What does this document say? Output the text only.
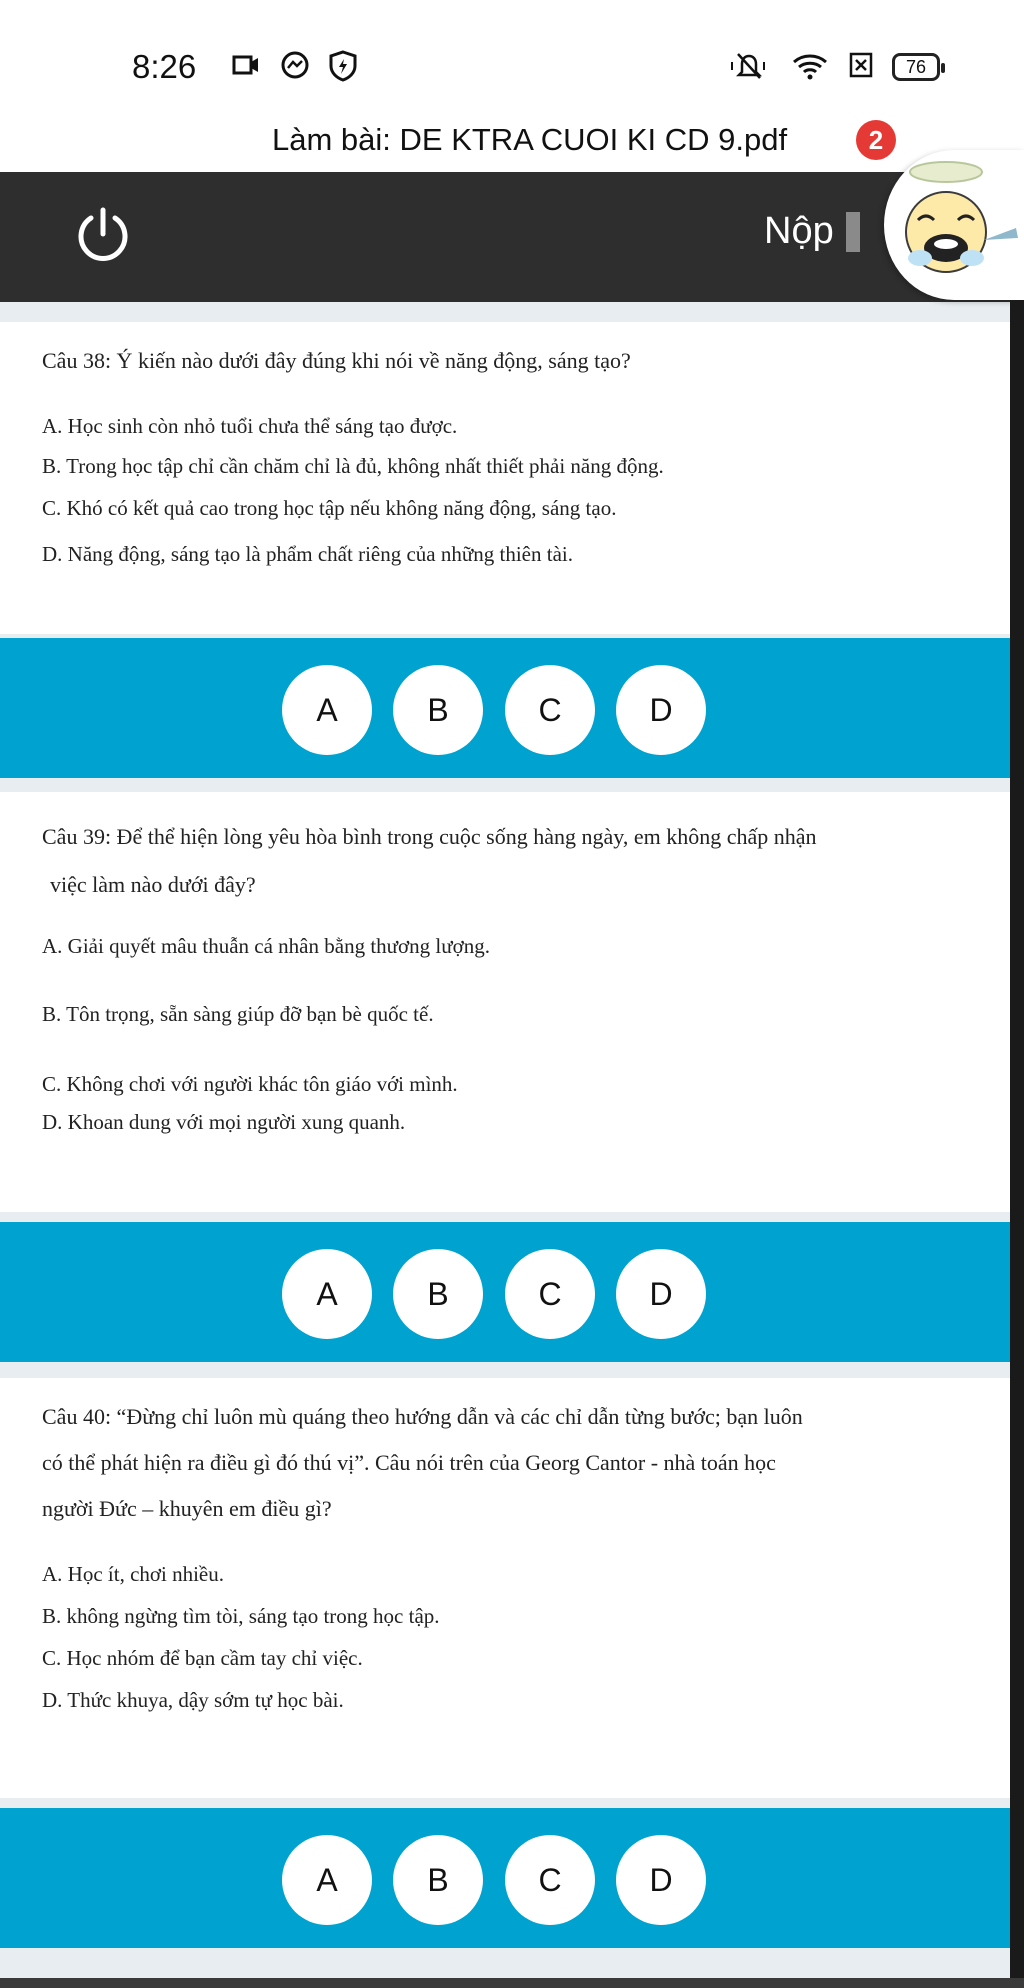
8:26	76
Làm bài: DE KTRA CUOI KI CD 9.pdf	2
Nộp
Câu 38: Ý kiến nào dưới đây đúng khi nói về năng động, sáng tạo?
A. Học sinh còn nhỏ tuổi chưa thể sáng tạo được.
B. Trong học tập chỉ cần chăm chỉ là đủ, không nhất thiết phải năng động.
C. Khó có kết quả cao trong học tập nếu không năng động, sáng tạo.
D. Năng động, sáng tạo là phẩm chất riêng của những thiên tài.
A	B	C	D
Câu 39: Để thể hiện lòng yêu hòa bình trong cuộc sống hàng ngày, em không chấp nhận
việc làm nào dưới đây?
A. Giải quyết mâu thuẫn cá nhân bằng thương lượng.
B. Tôn trọng, sẵn sàng giúp đỡ bạn bè quốc tế.
C. Không chơi với người khác tôn giáo với mình.
D. Khoan dung với mọi người xung quanh.
A	B	C	D
Câu 40: “Đừng chỉ luôn mù quáng theo hướng dẫn và các chỉ dẫn từng bước; bạn luôn
có thể phát hiện ra điều gì đó thú vị”. Câu nói trên của Georg Cantor - nhà toán học
người Đức – khuyên em điều gì?
A. Học ít, chơi nhiều.
B. không ngừng tìm tòi, sáng tạo trong học tập.
C. Học nhóm để bạn cầm tay chỉ việc.
D. Thức khuya, dậy sớm tự học bài.
A	B	C	D
